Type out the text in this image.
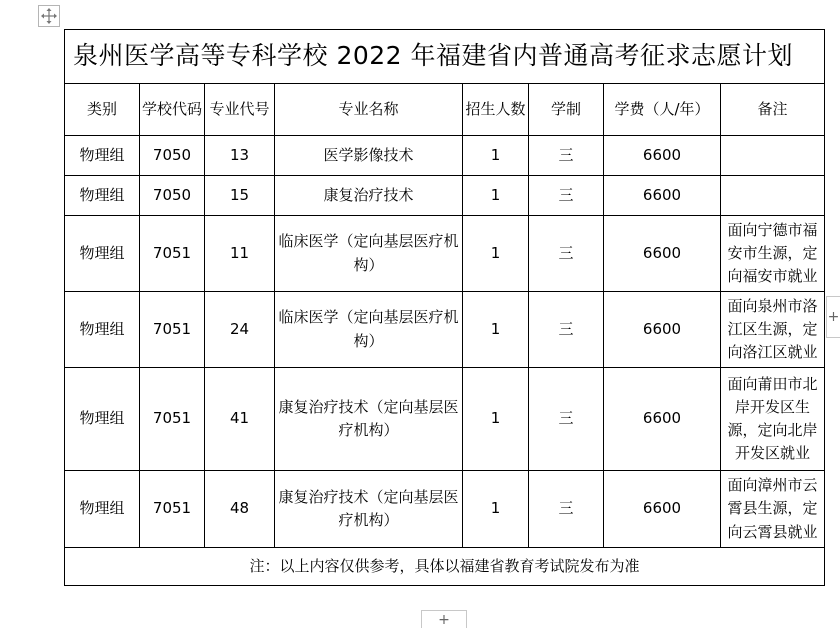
泉州医学高等专科学校 2022 年福建省内普通高考征求志愿计划							
类别	学校代码	专业代号	专业名称	招生人数	学制	学费（人/年）	备注
物理组	7050	13	医学影像技术	1	三	6600	
物理组	7050	15	康复治疗技术	1	三	6600	
物理组	7051	11	临床医学（定向基层医疗机构）	1	三	6600	面向宁德市福安市生源，定向福安市就业
物理组	7051	24	临床医学（定向基层医疗机构）	1	三	6600	面向泉州市洛江区生源，定向洛江区就业
物理组	7051	41	康复治疗技术（定向基层医疗机构）	1	三	6600	面向莆田市北岸开发区生源，定向北岸开发区就业
物理组	7051	48	康复治疗技术（定向基层医疗机构）	1	三	6600	面向漳州市云霄县生源，定向云霄县就业
注：以上内容仅供参考，具体以福建省教育考试院发布为准							
+
+
